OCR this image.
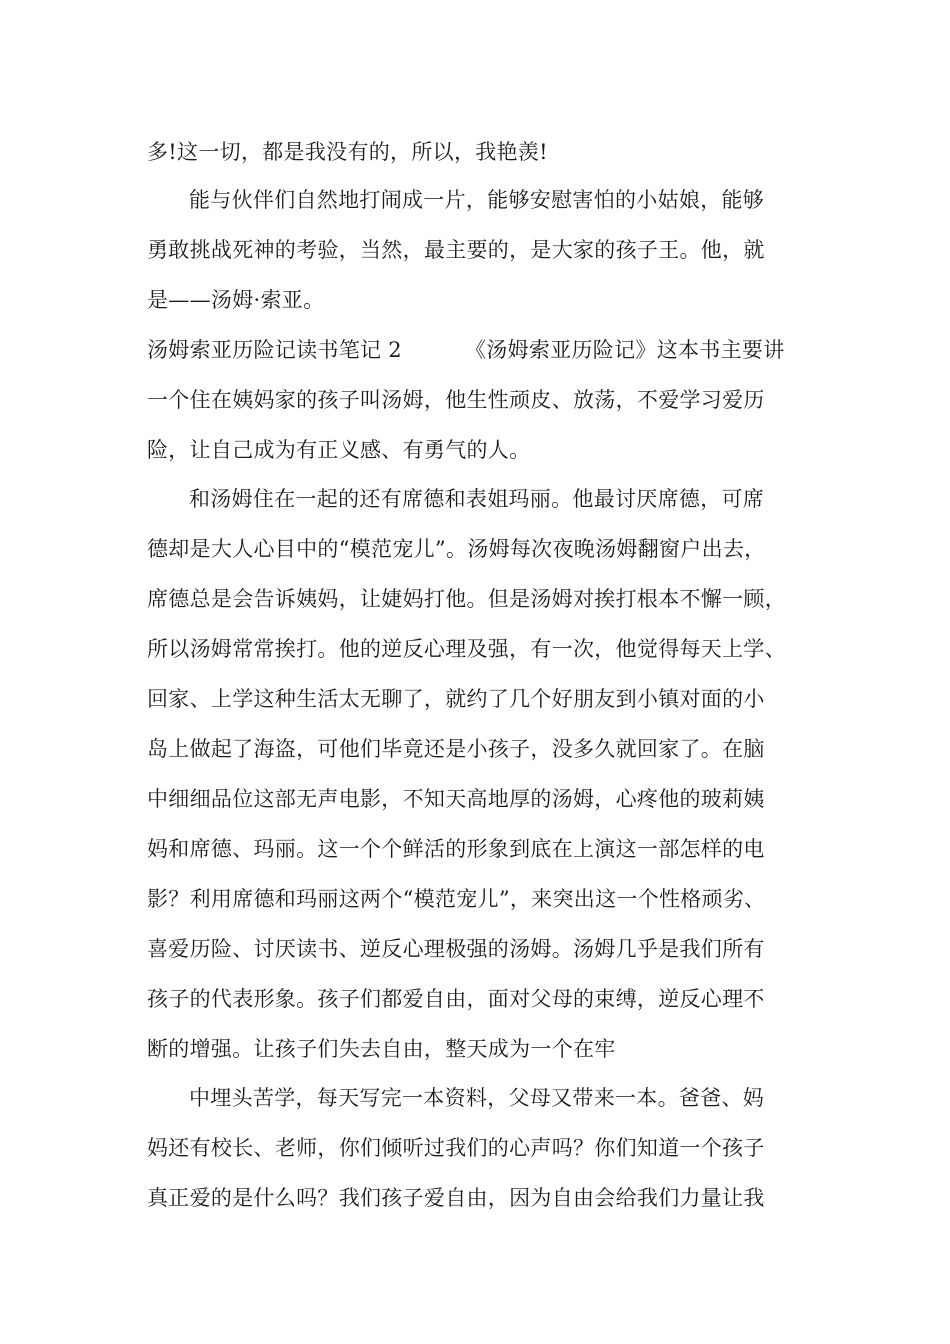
多!这一切，都是我没有的，所以，我艳羡!
能与伙伴们自然地打闹成一片，能够安慰害怕的小姑娘，能够
勇敢挑战死神的考验，当然，最主要的，是大家的孩子王。他，就
是——汤姆·索亚。
汤姆索亚历险记读书笔记 2	《汤姆索亚历险记》这本书主要讲
一个住在姨妈家的孩子叫汤姆，他生性顽皮、放荡，不爱学习爱历
险，让自己成为有正义感、有勇气的人。
和汤姆住在一起的还有席德和表姐玛丽。他最讨厌席德，可席
德却是大人心目中的“模范宠儿”。汤姆每次夜晚汤姆翻窗户出去，
席德总是会告诉姨妈，让婕妈打他。但是汤姆对挨打根本不懈一顾，
所以汤姆常常挨打。他的逆反心理及强，有一次，他觉得每天上学、
回家、上学这种生活太无聊了，就约了几个好朋友到小镇对面的小
岛上做起了海盗，可他们毕竟还是小孩子，没多久就回家了。在脑
中细细品位这部无声电影，不知天高地厚的汤姆，心疼他的玻莉姨
妈和席德、玛丽。这一个个鲜活的形象到底在上演这一部怎样的电
影？利用席德和玛丽这两个“模范宠儿”，来突出这一个性格顽劣、
喜爱历险、讨厌读书、逆反心理极强的汤姆。汤姆几乎是我们所有
孩子的代表形象。孩子们都爱自由，面对父母的束缚，逆反心理不
断的增强。让孩子们失去自由，整天成为一个在牢
中埋头苦学，每天写完一本资料，父母又带来一本。爸爸、妈
妈还有校长、老师，你们倾听过我们的心声吗？你们知道一个孩子
真正爱的是什么吗？我们孩子爱自由，因为自由会给我们力量让我
